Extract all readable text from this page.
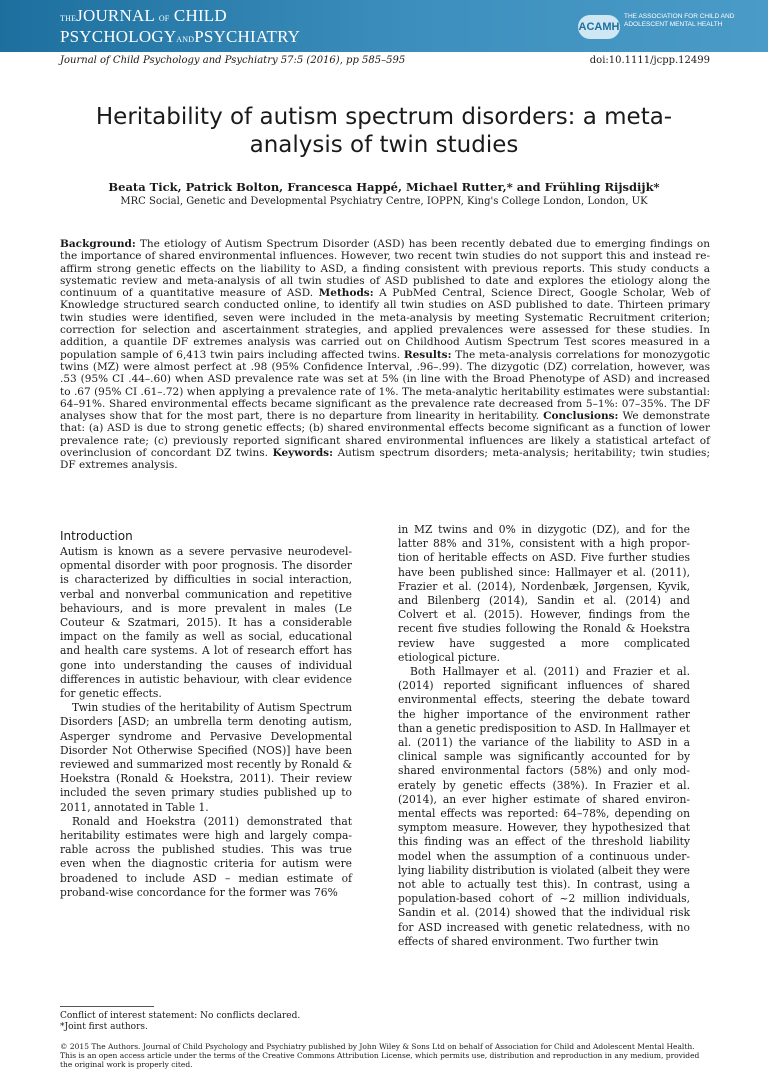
THEJOURNAL OF CHILD
PSYCHOLOGYANDPSYCHIATRY	ACAMH
THE ASSOCIATION FOR CHILD AND ADOLESCENT MENTAL HEALTH
Journal of Child Psychology and Psychiatry 57:5 (2016), pp 585–595	doi:10.1111/jcpp.12499
Heritability of autism spectrum disorders: a meta-analysis of twin studies
Beata Tick, Patrick Bolton, Francesca Happé, Michael Rutter,* and Frühling Rijsdijk*
MRC Social, Genetic and Developmental Psychiatry Centre, IOPPN, King's College London, London, UK

Background: The etiology of Autism Spectrum Disorder (ASD) has been recently debated due to emerging findings on the importance of shared environmental influences. However, two recent twin studies do not support this and instead re-affirm strong genetic effects on the liability to ASD, a finding consistent with previous reports. This study conducts a systematic review and meta-analysis of all twin studies of ASD published to date and explores the etiology along the continuum of a quantitative measure of ASD. Methods: A PubMed Central, Science Direct, Google Scholar, Web of Knowledge structured search conducted online, to identify all twin studies on ASD published to date. Thirteen primary twin studies were identified, seven were included in the meta-analysis by meeting Systematic Recruitment criterion; correction for selection and ascertainment strategies, and applied prevalences were assessed for these studies. In addition, a quantile DF extremes analysis was carried out on Childhood Autism Spectrum Test scores measured in a population sample of 6,413 twin pairs including affected twins. Results: The meta-analysis correlations for monozygotic twins (MZ) were almost perfect at .98 (95% Confidence Interval, .96–.99). The dizygotic (DZ) correlation, however, was .53 (95% CI .44–.60) when ASD prevalence rate was set at 5% (in line with the Broad Phenotype of ASD) and increased to .67 (95% CI .61–.72) when applying a prevalence rate of 1%. The meta-analytic heritability estimates were substantial: 64–91%. Shared environmental effects became significant as the prevalence rate decreased from 5–1%: 07–35%. The DF analyses show that for the most part, there is no departure from linearity in heritability. Conclusions: We demonstrate that: (a) ASD is due to strong genetic effects; (b) shared environmental effects become significant as a function of lower prevalence rate; (c) previously reported significant shared environmental influences are likely a statistical artefact of overinclusion of concordant DZ twins. Keywords: Autism spectrum disorders; meta-analysis; heritability; twin studies; DF extremes analysis.

Introduction

Autism is known as a severe pervasive neurodevel-opmental disorder with poor prognosis. The disorder is characterized by difficulties in social interaction, verbal and nonverbal communication and repetitive behaviours, and is more prevalent in males (Le Couteur & Szatmari, 2015). It has a considerable impact on the family as well as social, educational and health care systems. A lot of research effort has gone into understanding the causes of individual differences in autistic behaviour, with clear evidence for genetic effects.

Twin studies of the heritability of Autism Spectrum Disorders [ASD; an umbrella term denoting autism, Asperger syndrome and Pervasive Developmental Disorder Not Otherwise Specified (NOS)] have been reviewed and summarized most recently by Ronald & Hoekstra (Ronald & Hoekstra, 2011). Their review included the seven primary studies published up to 2011, annotated in Table 1.

Ronald and Hoekstra (2011) demonstrated that heritability estimates were high and largely compa-rable across the published studies. This was true even when the diagnostic criteria for autism were broadened to include ASD – median estimate of proband-wise concordance for the former was 76%

in MZ twins and 0% in dizygotic (DZ), and for the latter 88% and 31%, consistent with a high propor-tion of heritable effects on ASD. Five further studies have been published since: Hallmayer et al. (2011), Frazier et al. (2014), Nordenbæk, Jørgensen, Kyvik, and Bilenberg (2014), Sandin et al. (2014) and Colvert et al. (2015). However, findings from the recent five studies following the Ronald & Hoekstra review have suggested a more complicated etiological picture.

Both Hallmayer et al. (2011) and Frazier et al. (2014) reported significant influences of shared environmental effects, steering the debate toward the higher importance of the environment rather than a genetic predisposition to ASD. In Hallmayer et al. (2011) the variance of the liability to ASD in a clinical sample was significantly accounted for by shared environmental factors (58%) and only mod-erately by genetic effects (38%). In Frazier et al. (2014), an ever higher estimate of shared environ-mental effects was reported: 64–78%, depending on symptom measure. However, they hypothesized that this finding was an effect of the threshold liability model when the assumption of a continuous under-lying liability distribution is violated (albeit they were not able to actually test this). In contrast, using a population-based cohort of ~2 million individuals, Sandin et al. (2014) showed that the individual risk for ASD increased with genetic relatedness, with no effects of shared environment. Two further twin

Conflict of interest statement: No conflicts declared.
*Joint first authors.
© 2015 The Authors. Journal of Child Psychology and Psychiatry published by John Wiley & Sons Ltd on behalf of Association for Child and Adolescent Mental Health.
This is an open access article under the terms of the Creative Commons Attribution License, which permits use, distribution and reproduction in any medium, provided the original work is properly cited.
